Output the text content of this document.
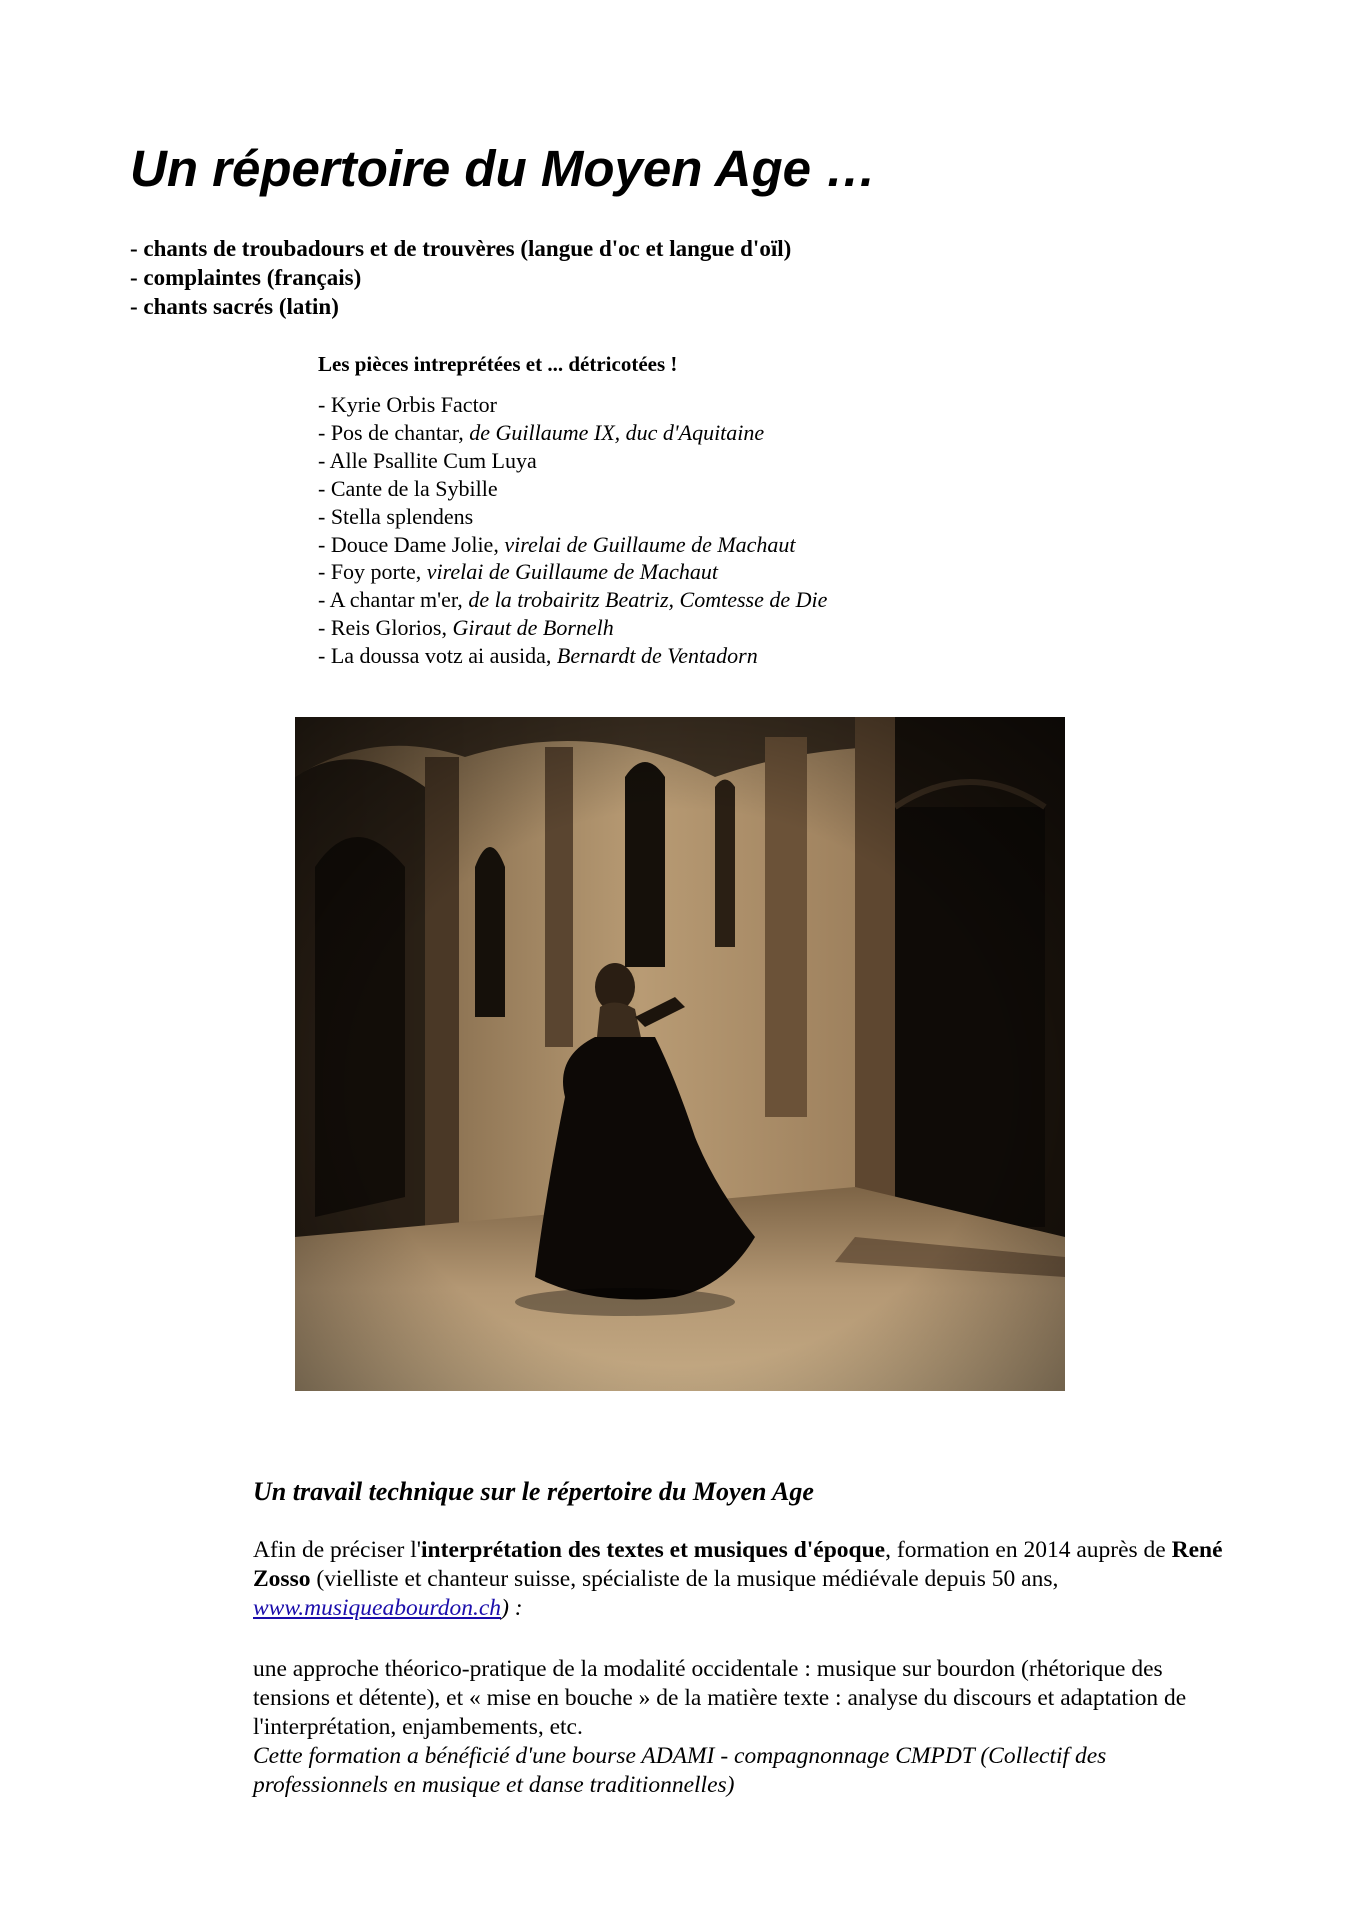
Un répertoire du Moyen Age …
- chants de troubadours et de trouvères (langue d'oc et langue d'oïl)
- complaintes (français)
- chants sacrés (latin)

Les pièces intreprétées et ... détricotées !

- Kyrie Orbis Factor
- Pos de chantar, de Guillaume IX, duc d'Aquitaine
- Alle Psallite Cum Luya
- Cante de la Sybille
- Stella splendens
- Douce Dame Jolie, virelai de Guillaume de Machaut
- Foy porte, virelai de Guillaume de Machaut
- A chantar m'er, de la trobairitz Beatriz, Comtesse de Die
- Reis Glorios, Giraut de Bornelh
- La doussa votz ai ausida, Bernardt de Ventadorn
Un travail technique sur le répertoire du Moyen Age

Afin de préciser l'interprétation des textes et musiques d'époque, formation en 2014 auprès de René Zosso (vielliste et chanteur suisse, spécialiste de la musique médiévale depuis 50 ans, www.musiqueabourdon.ch) :

une approche théorico-pratique de la modalité occidentale : musique sur bourdon (rhétorique des tensions et détente), et « mise en bouche » de la matière texte : analyse du discours et adaptation de l'interprétation, enjambements, etc.

Cette formation a bénéficié d'une bourse ADAMI - compagnonnage CMPDT (Collectif des professionnels en musique et danse traditionnelles)
